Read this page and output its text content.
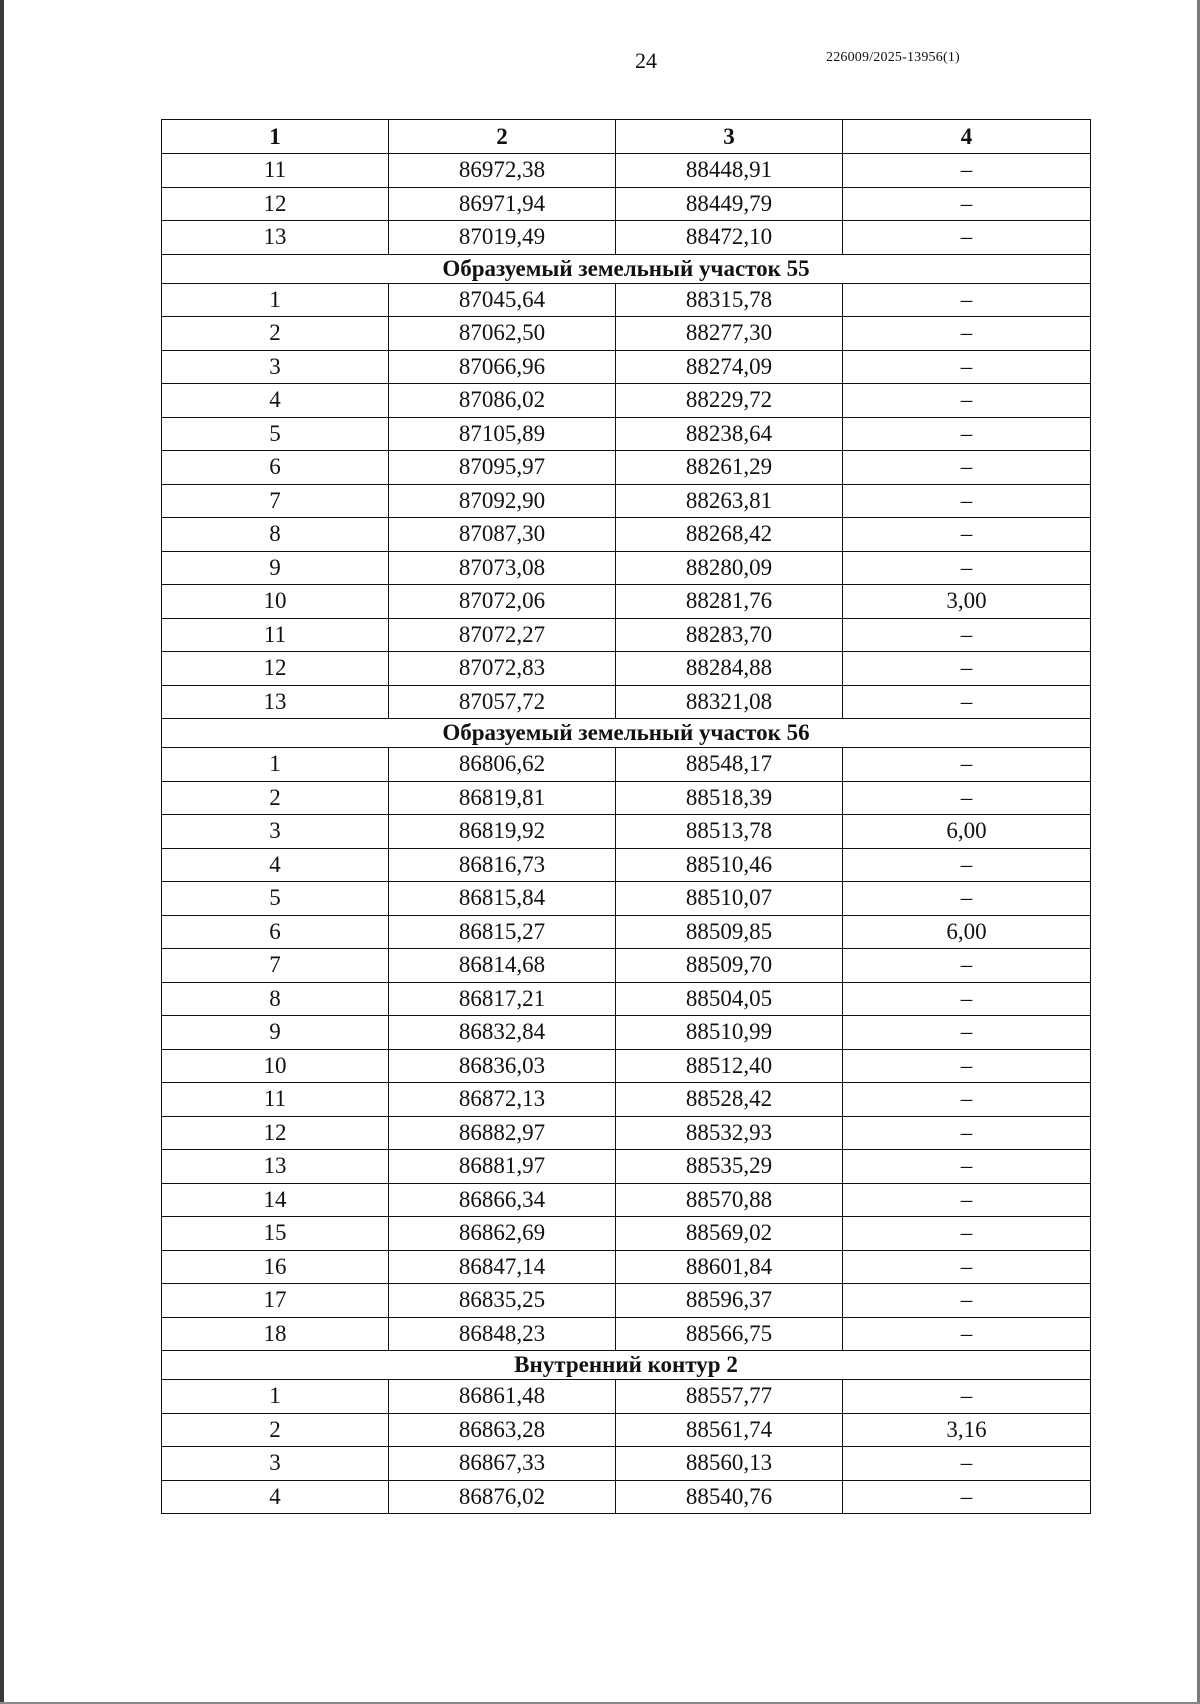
24	226009/2025-13956(1)
1	2	3	4
11	86972,38	88448,91	–
12	86971,94	88449,79	–
13	87019,49	88472,10	–
Образуемый земельный участок 55			
1	87045,64	88315,78	–
2	87062,50	88277,30	–
3	87066,96	88274,09	–
4	87086,02	88229,72	–
5	87105,89	88238,64	–
6	87095,97	88261,29	–
7	87092,90	88263,81	–
8	87087,30	88268,42	–
9	87073,08	88280,09	–
10	87072,06	88281,76	3,00
11	87072,27	88283,70	–
12	87072,83	88284,88	–
13	87057,72	88321,08	–
Образуемый земельный участок 56			
1	86806,62	88548,17	–
2	86819,81	88518,39	–
3	86819,92	88513,78	6,00
4	86816,73	88510,46	–
5	86815,84	88510,07	–
6	86815,27	88509,85	6,00
7	86814,68	88509,70	–
8	86817,21	88504,05	–
9	86832,84	88510,99	–
10	86836,03	88512,40	–
11	86872,13	88528,42	–
12	86882,97	88532,93	–
13	86881,97	88535,29	–
14	86866,34	88570,88	–
15	86862,69	88569,02	–
16	86847,14	88601,84	–
17	86835,25	88596,37	–
18	86848,23	88566,75	–
Внутренний контур 2			
1	86861,48	88557,77	–
2	86863,28	88561,74	3,16
3	86867,33	88560,13	–
4	86876,02	88540,76	–
